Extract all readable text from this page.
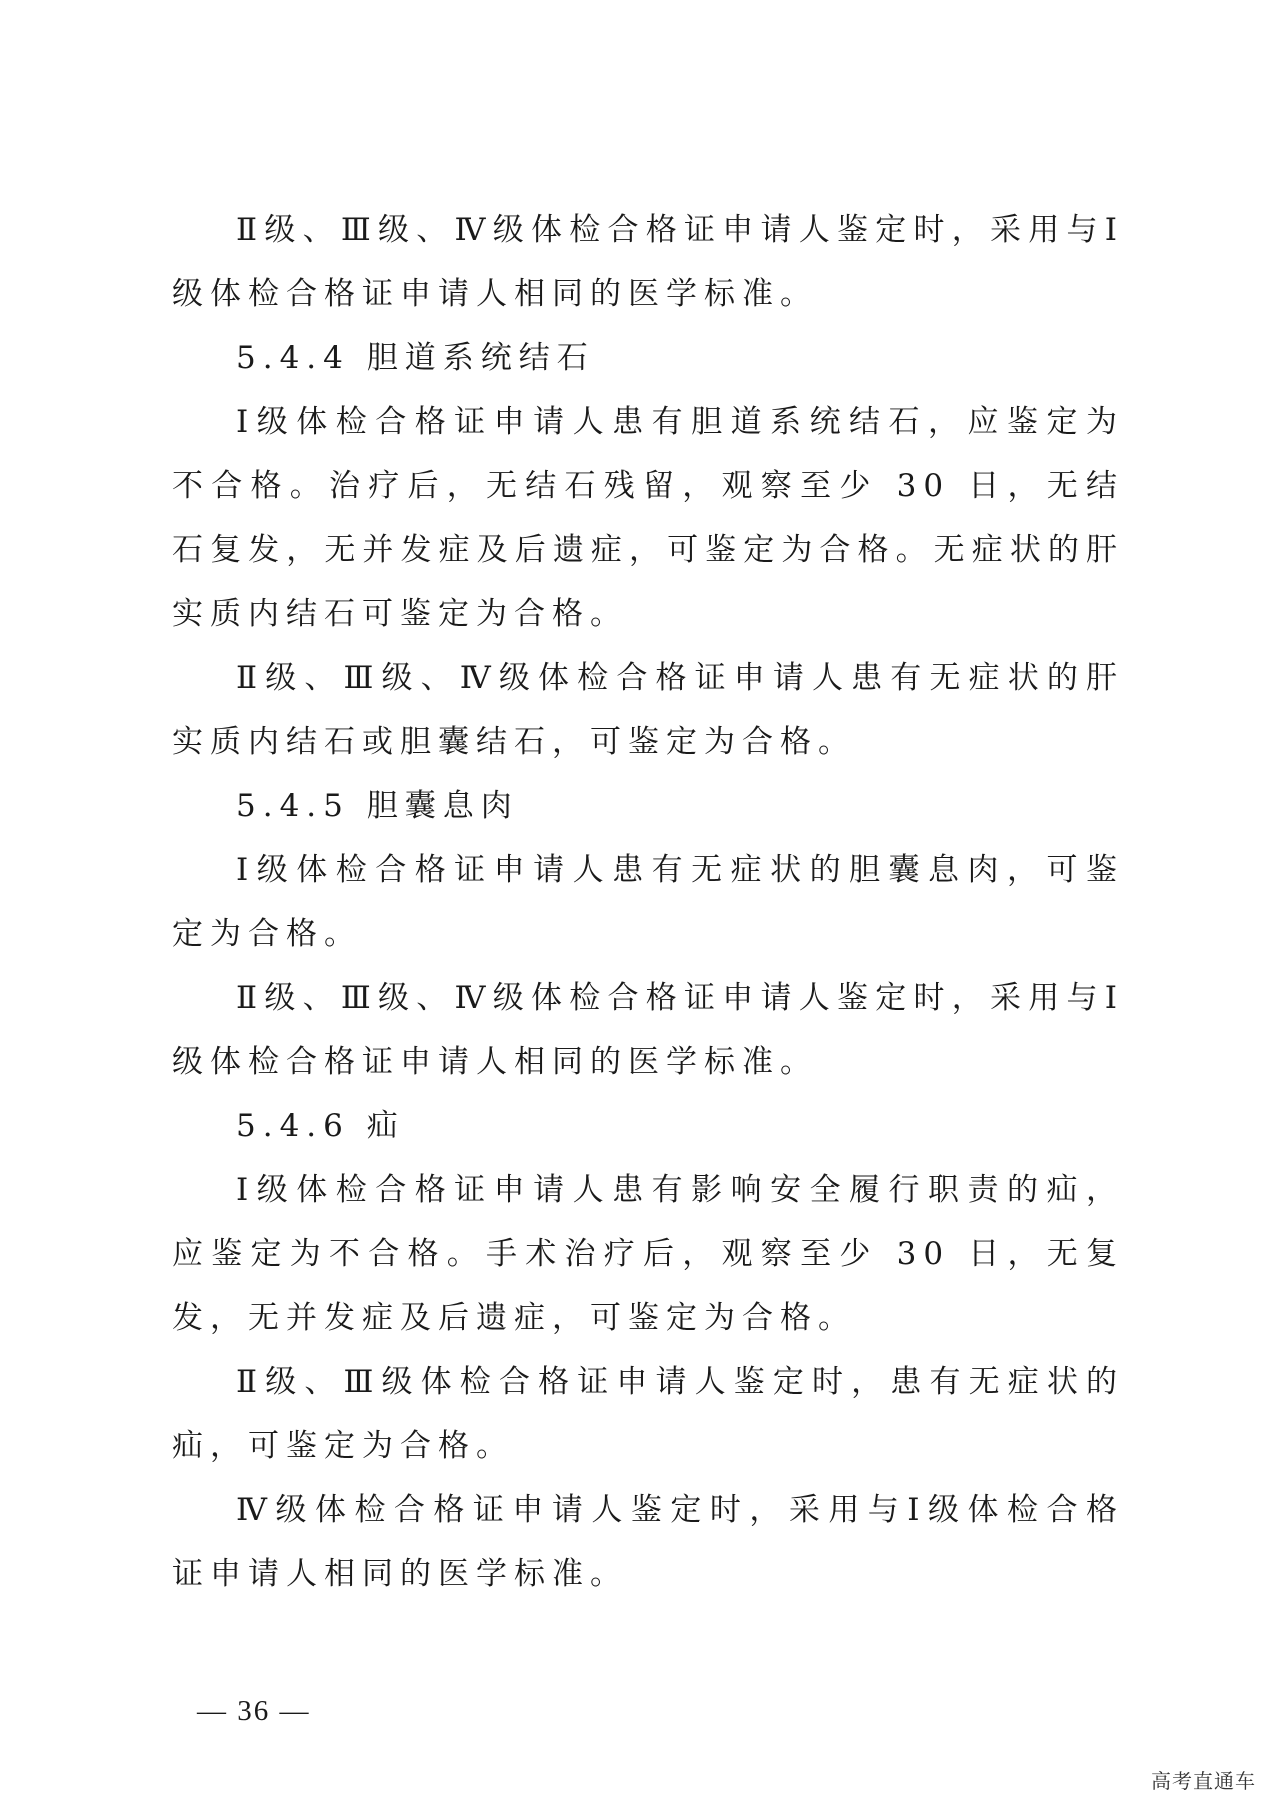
Ⅱ级、Ⅲ级、Ⅳ级体检合格证申请人鉴定时，采用与Ⅰ级体检合格证申请人相同的医学标准。

5.4.4 胆道系统结石

Ⅰ级体检合格证申请人患有胆道系统结石，应鉴定为不合格。治疗后，无结石残留，观察至少 30 日，无结石复发，无并发症及后遗症，可鉴定为合格。无症状的肝实质内结石可鉴定为合格。

Ⅱ级、Ⅲ级、Ⅳ级体检合格证申请人患有无症状的肝实质内结石或胆囊结石，可鉴定为合格。

5.4.5 胆囊息肉

Ⅰ级体检合格证申请人患有无症状的胆囊息肉，可鉴定为合格。

Ⅱ级、Ⅲ级、Ⅳ级体检合格证申请人鉴定时，采用与Ⅰ级体检合格证申请人相同的医学标准。

5.4.6 疝

Ⅰ级体检合格证申请人患有影响安全履行职责的疝，应鉴定为不合格。手术治疗后，观察至少 30 日，无复发，无并发症及后遗症，可鉴定为合格。

Ⅱ级、Ⅲ级体检合格证申请人鉴定时，患有无症状的疝，可鉴定为合格。

Ⅳ级体检合格证申请人鉴定时，采用与Ⅰ级体检合格证申请人相同的医学标准。

— 36 —
高考直通车
